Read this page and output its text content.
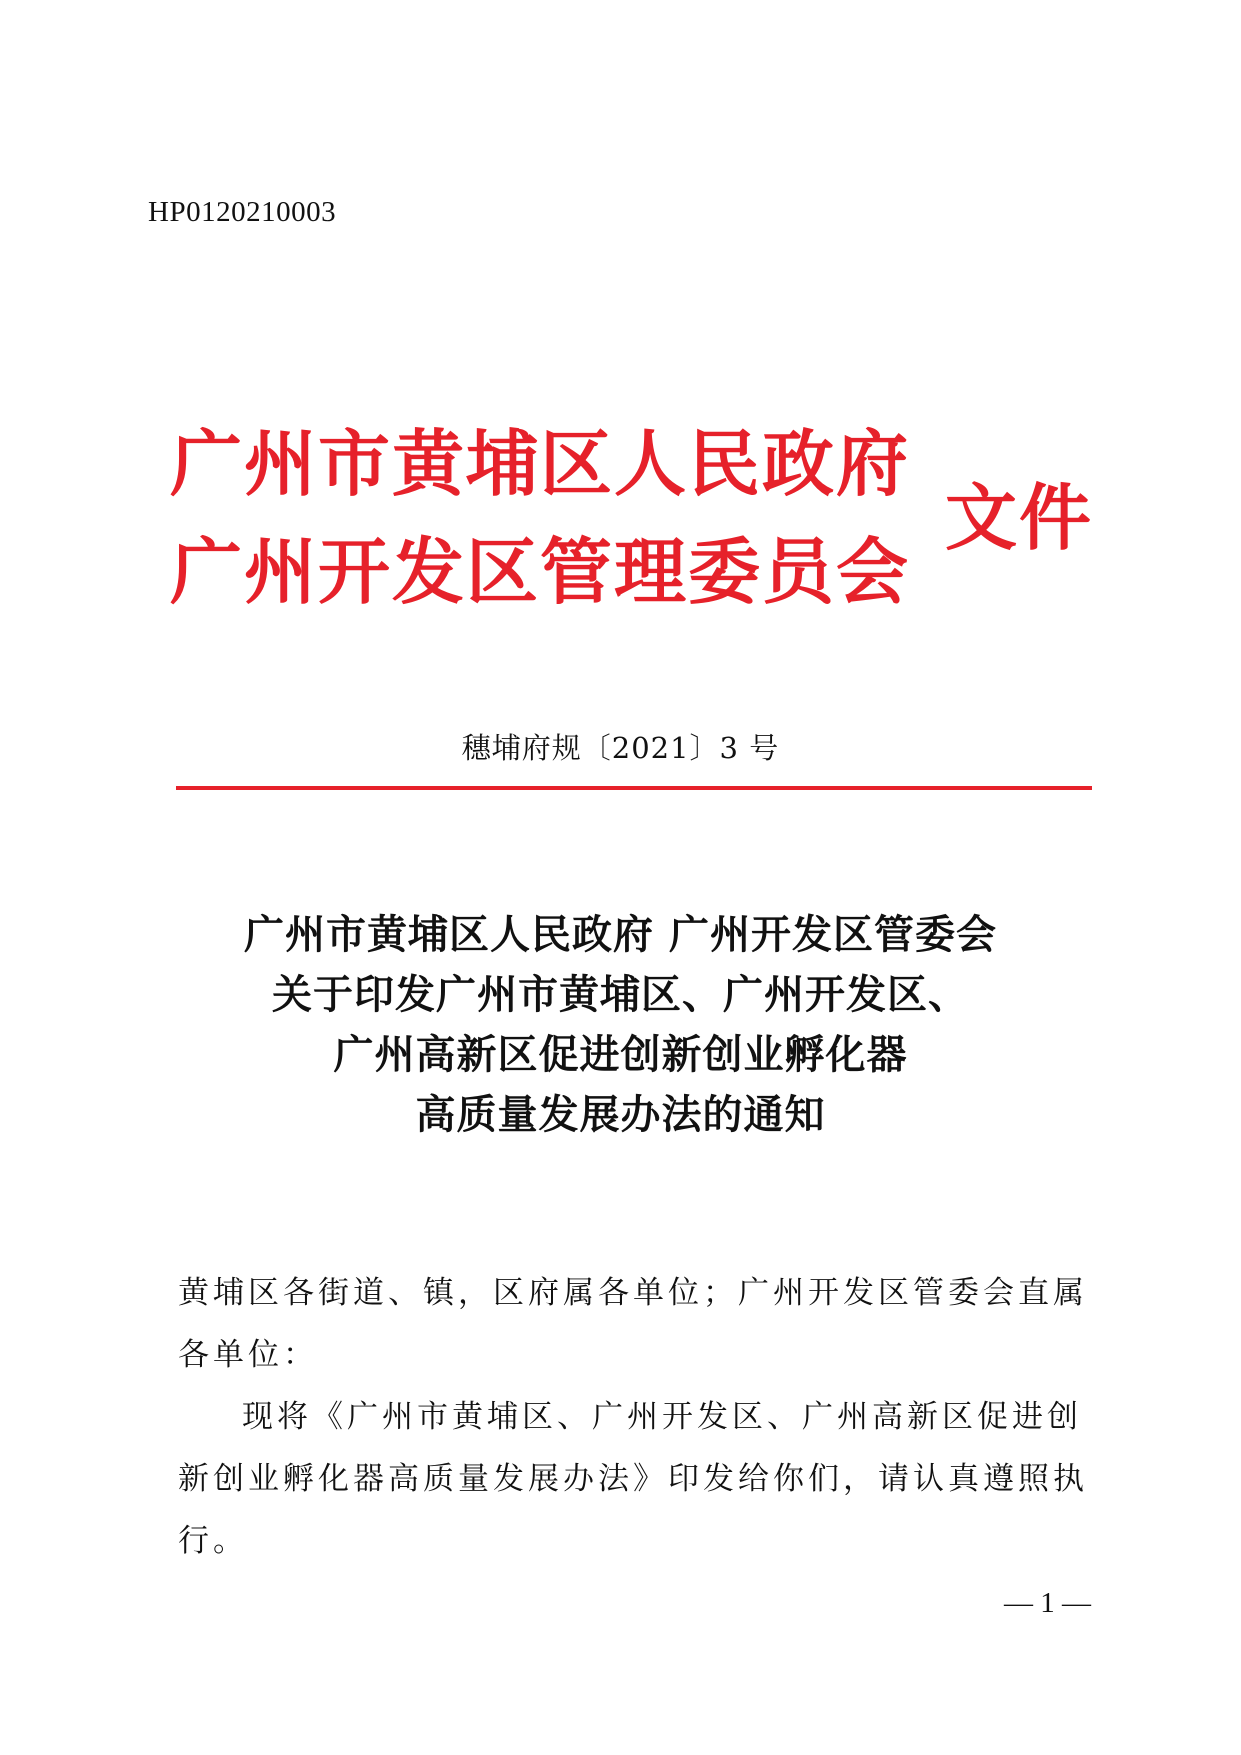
HP0120210003
广州市黄埔区人民政府
广州开发区管理委员会
文件
穗埔府规〔2021〕3 号
广州市黄埔区人民政府 广州开发区管委会
关于印发广州市黄埔区、广州开发区、
广州高新区促进创新创业孵化器
高质量发展办法的通知

黄埔区各街道、镇，区府属各单位；广州开发区管委会直属各单位：

现将《广州市黄埔区、广州开发区、广州高新区促进创新创业孵化器高质量发展办法》印发给你们，请认真遵照执行。

— 1 —
